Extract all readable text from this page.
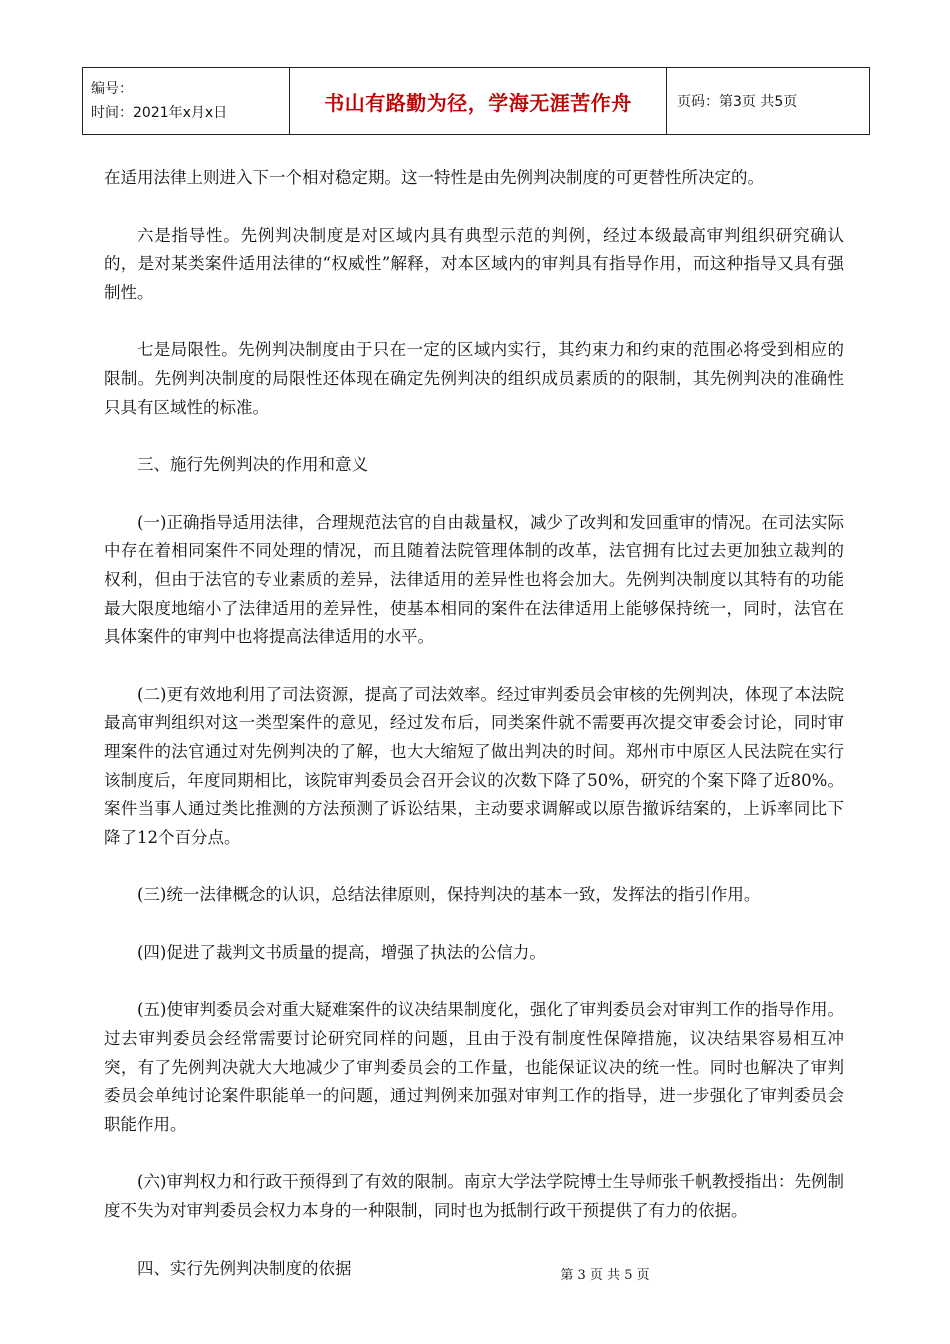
编号：
时间：2021年x月x日	书山有路勤为径，学海无涯苦作舟	页码：第3页 共5页

在适用法律上则进入下一个相对稳定期。这一特性是由先例判决制度的可更替性所决定的。

六是指导性。先例判决制度是对区域内具有典型示范的判例，经过本级最高审判组织研究确认的，是对某类案件适用法律的“权威性”解释，对本区域内的审判具有指导作用，而这种指导又具有强制性。

七是局限性。先例判决制度由于只在一定的区域内实行，其约束力和约束的范围必将受到相应的限制。先例判决制度的局限性还体现在确定先例判决的组织成员素质的的限制，其先例判决的准确性只具有区域性的标准。

三、施行先例判决的作用和意义

(一)正确指导适用法律，合理规范法官的自由裁量权，减少了改判和发回重审的情况。在司法实际中存在着相同案件不同处理的情况，而且随着法院管理体制的改革，法官拥有比过去更加独立裁判的权利，但由于法官的专业素质的差异，法律适用的差异性也将会加大。先例判决制度以其特有的功能最大限度地缩小了法律适用的差异性，使基本相同的案件在法律适用上能够保持统一，同时，法官在具体案件的审判中也将提高法律适用的水平。

(二)更有效地利用了司法资源，提高了司法效率。经过审判委员会审核的先例判决，体现了本法院最高审判组织对这一类型案件的意见，经过发布后，同类案件就不需要再次提交审委会讨论，同时审理案件的法官通过对先例判决的了解，也大大缩短了做出判决的时间。郑州市中原区人民法院在实行该制度后，年度同期相比，该院审判委员会召开会议的次数下降了50%，研究的个案下降了近80%。案件当事人通过类比推测的方法预测了诉讼结果，主动要求调解或以原告撤诉结案的，上诉率同比下降了12个百分点。

(三)统一法律概念的认识，总结法律原则，保持判决的基本一致，发挥法的指引作用。

(四)促进了裁判文书质量的提高，增强了执法的公信力。

(五)使审判委员会对重大疑难案件的议决结果制度化，强化了审判委员会对审判工作的指导作用。过去审判委员会经常需要讨论研究同样的问题，且由于没有制度性保障措施，议决结果容易相互冲突，有了先例判决就大大地减少了审判委员会的工作量，也能保证议决的统一性。同时也解决了审判委员会单纯讨论案件职能单一的问题，通过判例来加强对审判工作的指导，进一步强化了审判委员会职能作用。

(六)审判权力和行政干预得到了有效的限制。南京大学法学院博士生导师张千帆教授指出：先例制度不失为对审判委员会权力本身的一种限制，同时也为抵制行政干预提供了有力的依据。

四、实行先例判决制度的依据	第 3 页 共 5 页
